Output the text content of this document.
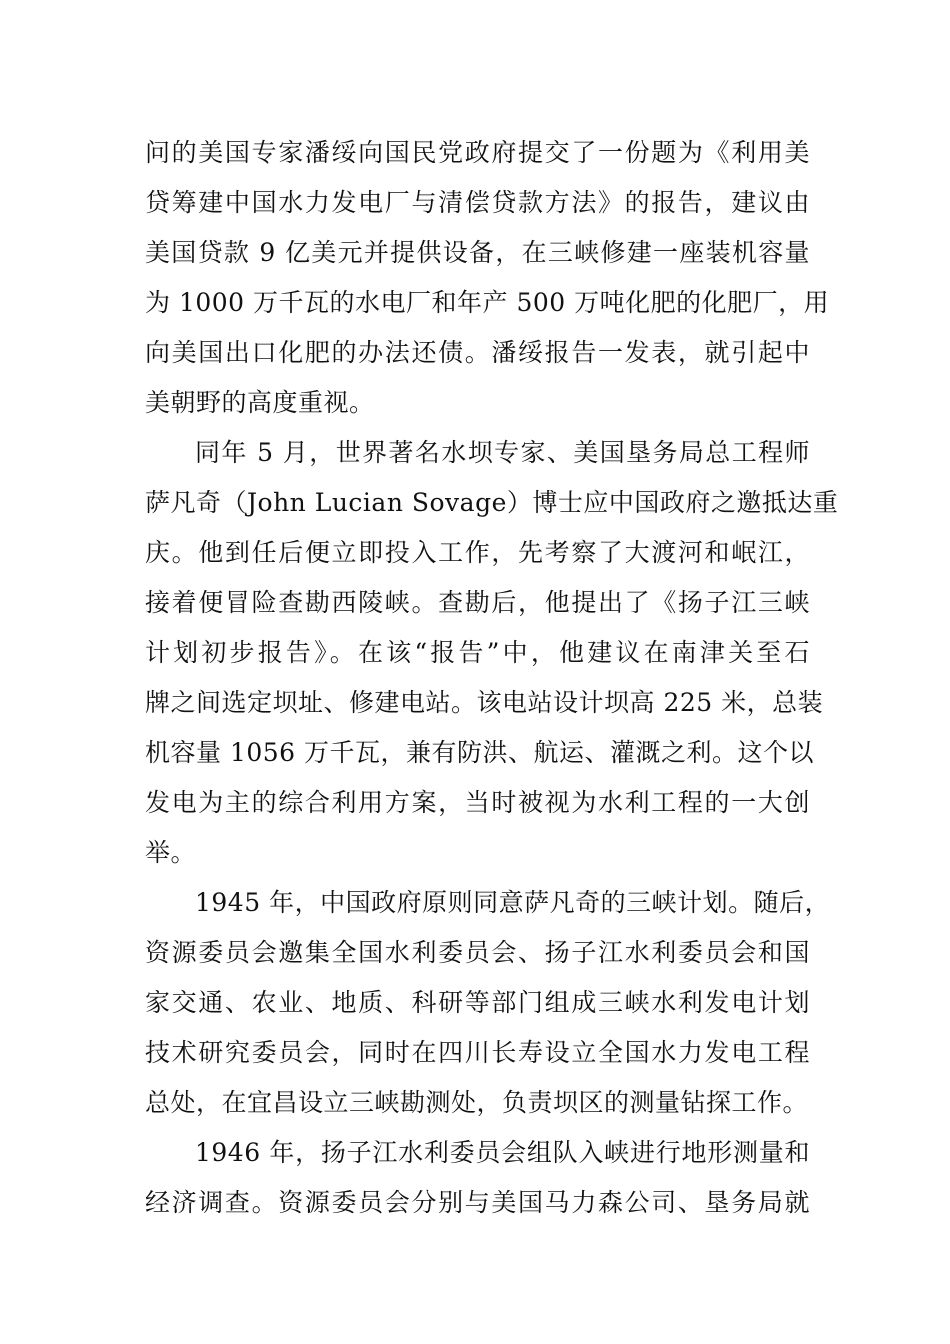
问的美国专家潘绥向国民党政府提交了一份题为《利用美
贷筹建中国水力发电厂与清偿贷款方法》的报告，建议由
美国贷款 9 亿美元并提供设备，在三峡修建一座装机容量
为 1000 万千瓦的水电厂和年产 500 万吨化肥的化肥厂，用
向美国出口化肥的办法还债。潘绥报告一发表，就引起中
美朝野的高度重视。

同年 5 月，世界著名水坝专家、美国垦务局总工程师
萨凡奇（John Lucian Sovage）博士应中国政府之邀抵达重
庆。他到任后便立即投入工作，先考察了大渡河和岷江，
接着便冒险查勘西陵峡。查勘后，他提出了《扬子江三峡
计划初步报告》。在该“报告”中，他建议在南津关至石
牌之间选定坝址、修建电站。该电站设计坝高 225 米，总装
机容量 1056 万千瓦，兼有防洪、航运、灌溉之利。这个以
发电为主的综合利用方案，当时被视为水利工程的一大创
举。

1945 年，中国政府原则同意萨凡奇的三峡计划。随后，
资源委员会邀集全国水利委员会、扬子江水利委员会和国
家交通、农业、地质、科研等部门组成三峡水利发电计划
技术研究委员会，同时在四川长寿设立全国水力发电工程
总处，在宜昌设立三峡勘测处，负责坝区的测量钻探工作。

1946 年，扬子江水利委员会组队入峡进行地形测量和
经济调查。资源委员会分别与美国马力森公司、垦务局就
